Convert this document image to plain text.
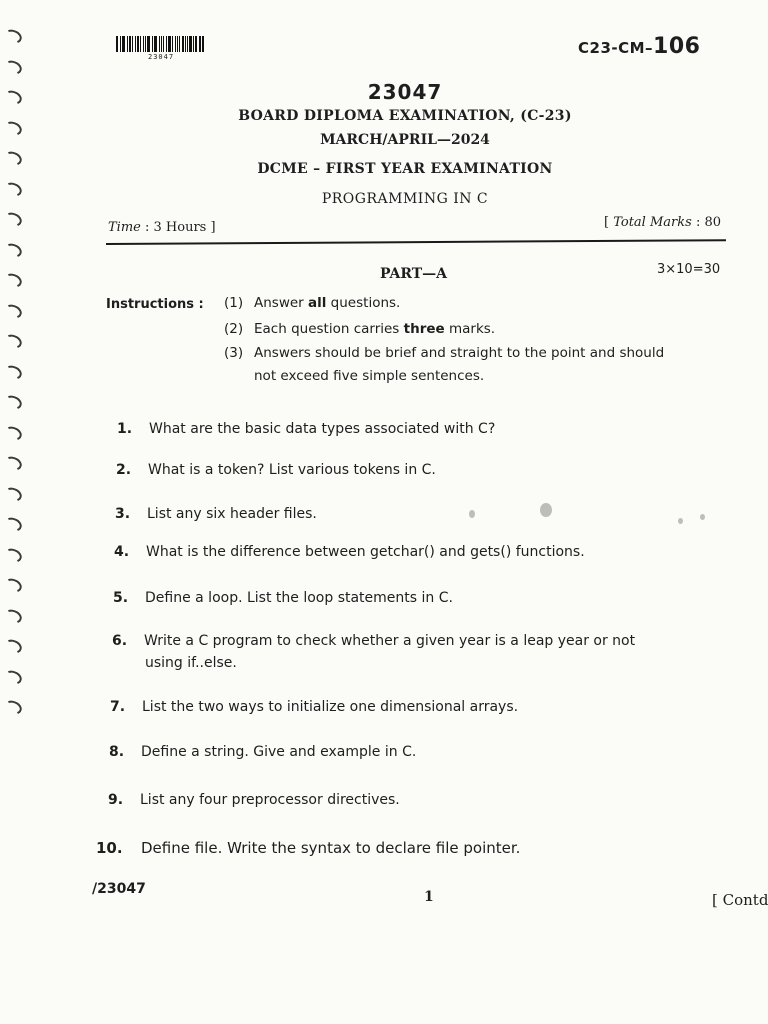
23047	C23-CM–106
23047
BOARD DIPLOMA EXAMINATION, (C-23)
MARCH/APRIL—2024
DCME – FIRST YEAR EXAMINATION
PROGRAMMING IN C
Time : 3 Hours ]	[ Total Marks : 80
PART—A	3×10=30
Instructions : (1) Answer all questions.
(2) Each question carries three marks.
(3) Answers should be brief and straight to the point and should
not exceed five simple sentences.
1. What are the basic data types associated with C?
2. What is a token? List various tokens in C.
3. List any six header files.
4. What is the difference between getchar() and gets() functions.
5. Define a loop. List the loop statements in C.
6. Write a C program to check whether a given year is a leap year or not
using if..else.
7. List the two ways to initialize one dimensional arrays.
8. Define a string. Give and example in C.
9. List any four preprocessor directives.
10. Define file. Write the syntax to declare file pointer.
/23047	1	[ Contd
